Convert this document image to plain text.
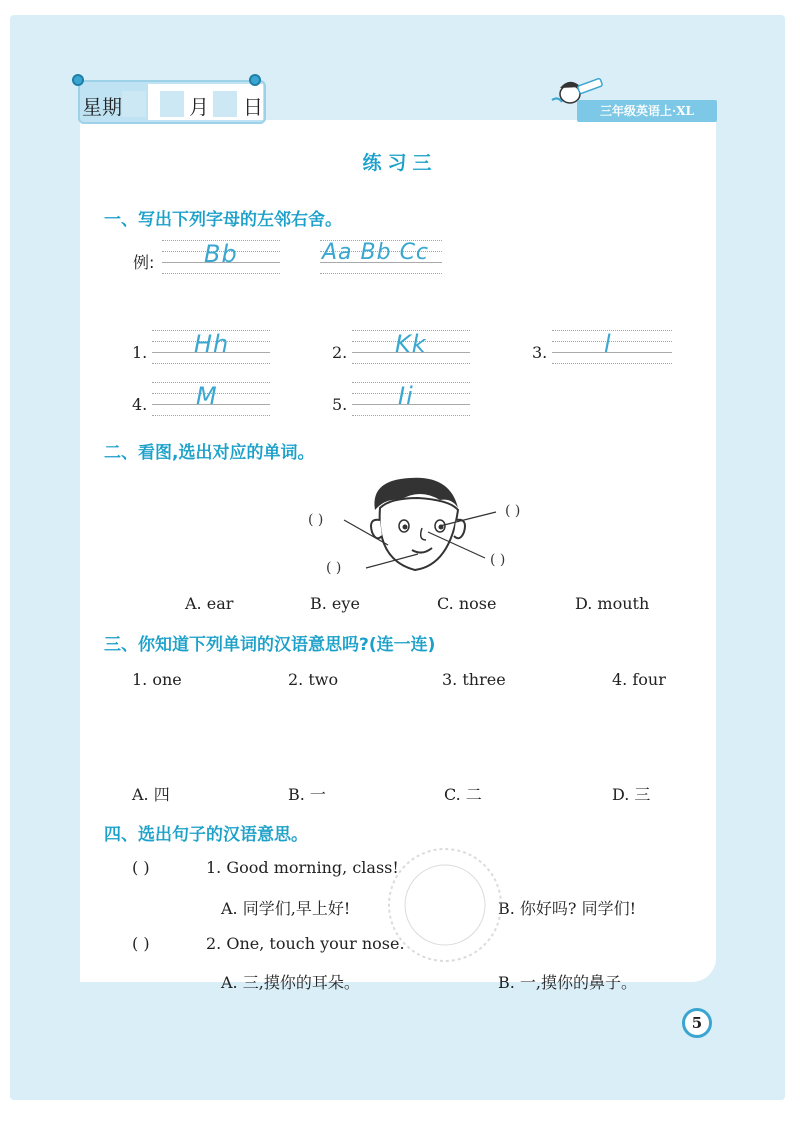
星期	月 日	三年级英语上·XL
练习三
一、写出下列字母的左邻右舍。
例: Bb	Aa Bb Cc
1. Hh	2. Kk	3. l
4. M	5. Ii
二、看图,选出对应的单词。
( )
( )
( )	( )
A. ear	B. eye	C. nose	D. mouth
三、你知道下列单词的汉语意思吗?(连一连)
1. one	2. two	3. three	4. four
A. 四	B. 一	C. 二	D. 三
四、选出句子的汉语意思。
( )	1. Good morning, class!
A. 同学们,早上好!	B. 你好吗? 同学们!
( )	2. One, touch your nose.
A. 三,摸你的耳朵。	B. 一,摸你的鼻子。
5
